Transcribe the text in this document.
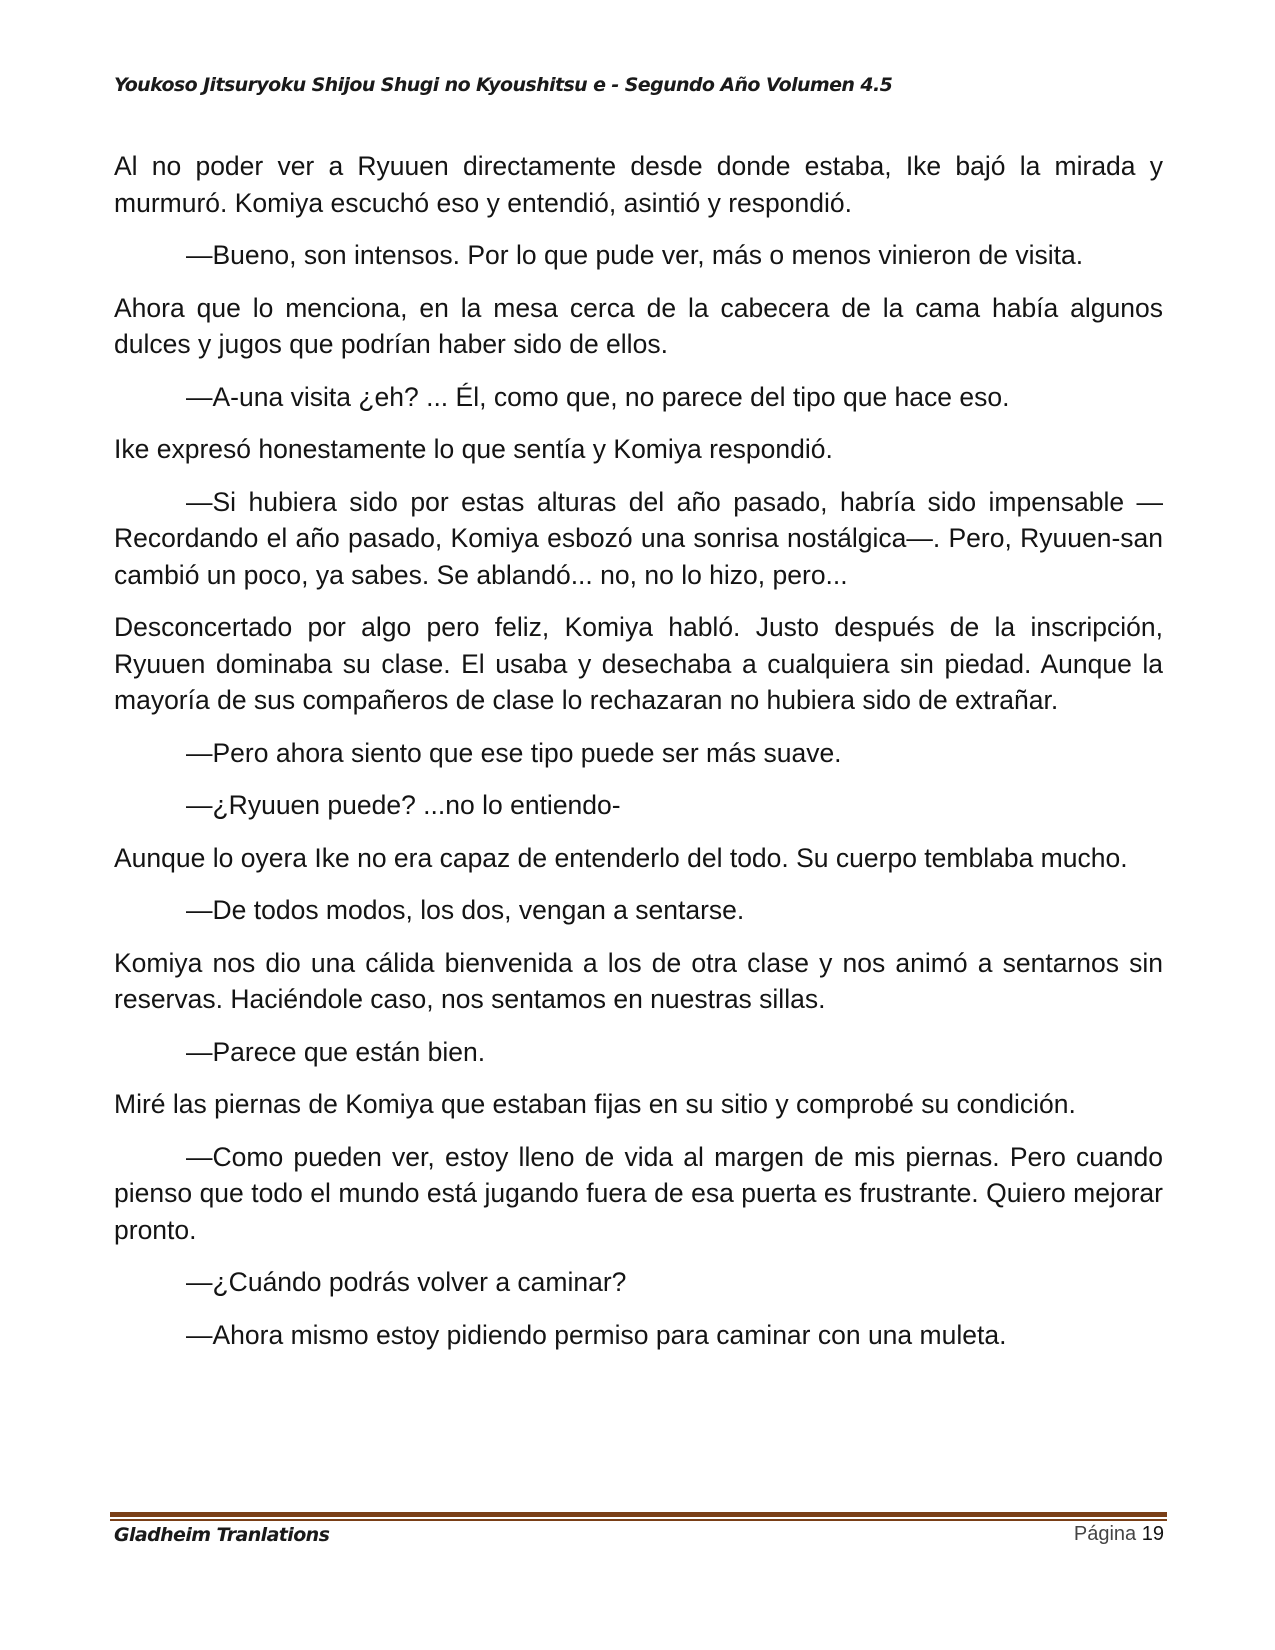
Youkoso Jitsuryoku Shijou Shugi no Kyoushitsu e - Segundo Año Volumen 4.5

Al no poder ver a Ryuuen directamente desde donde estaba, Ike bajó la mirada y murmuró. Komiya escuchó eso y entendió, asintió y respondió.

—Bueno, son intensos. Por lo que pude ver, más o menos vinieron de visita.

Ahora que lo menciona, en la mesa cerca de la cabecera de la cama había algunos dulces y jugos que podrían haber sido de ellos.

—A-una visita ¿eh? ... Él, como que, no parece del tipo que hace eso.

Ike expresó honestamente lo que sentía y Komiya respondió.

—Si hubiera sido por estas alturas del año pasado, habría sido impensable —Recordando el año pasado, Komiya esbozó una sonrisa nostálgica—. Pero, Ryuuen-san cambió un poco, ya sabes. Se ablandó... no, no lo hizo, pero...

Desconcertado por algo pero feliz, Komiya habló. Justo después de la inscripción, Ryuuen dominaba su clase. El usaba y desechaba a cualquiera sin piedad. Aunque la mayoría de sus compañeros de clase lo rechazaran no hubiera sido de extrañar.

—Pero ahora siento que ese tipo puede ser más suave.

—¿Ryuuen puede? ...no lo entiendo-

Aunque lo oyera Ike no era capaz de entenderlo del todo. Su cuerpo temblaba mucho.

—De todos modos, los dos, vengan a sentarse.

Komiya nos dio una cálida bienvenida a los de otra clase y nos animó a sentarnos sin reservas. Haciéndole caso, nos sentamos en nuestras sillas.

—Parece que están bien.

Miré las piernas de Komiya que estaban fijas en su sitio y comprobé su condición.

—Como pueden ver, estoy lleno de vida al margen de mis piernas. Pero cuando pienso que todo el mundo está jugando fuera de esa puerta es frustrante. Quiero mejorar pronto.

—¿Cuándo podrás volver a caminar?

—Ahora mismo estoy pidiendo permiso para caminar con una muleta.

Gladheim Tranlations	Página 19
